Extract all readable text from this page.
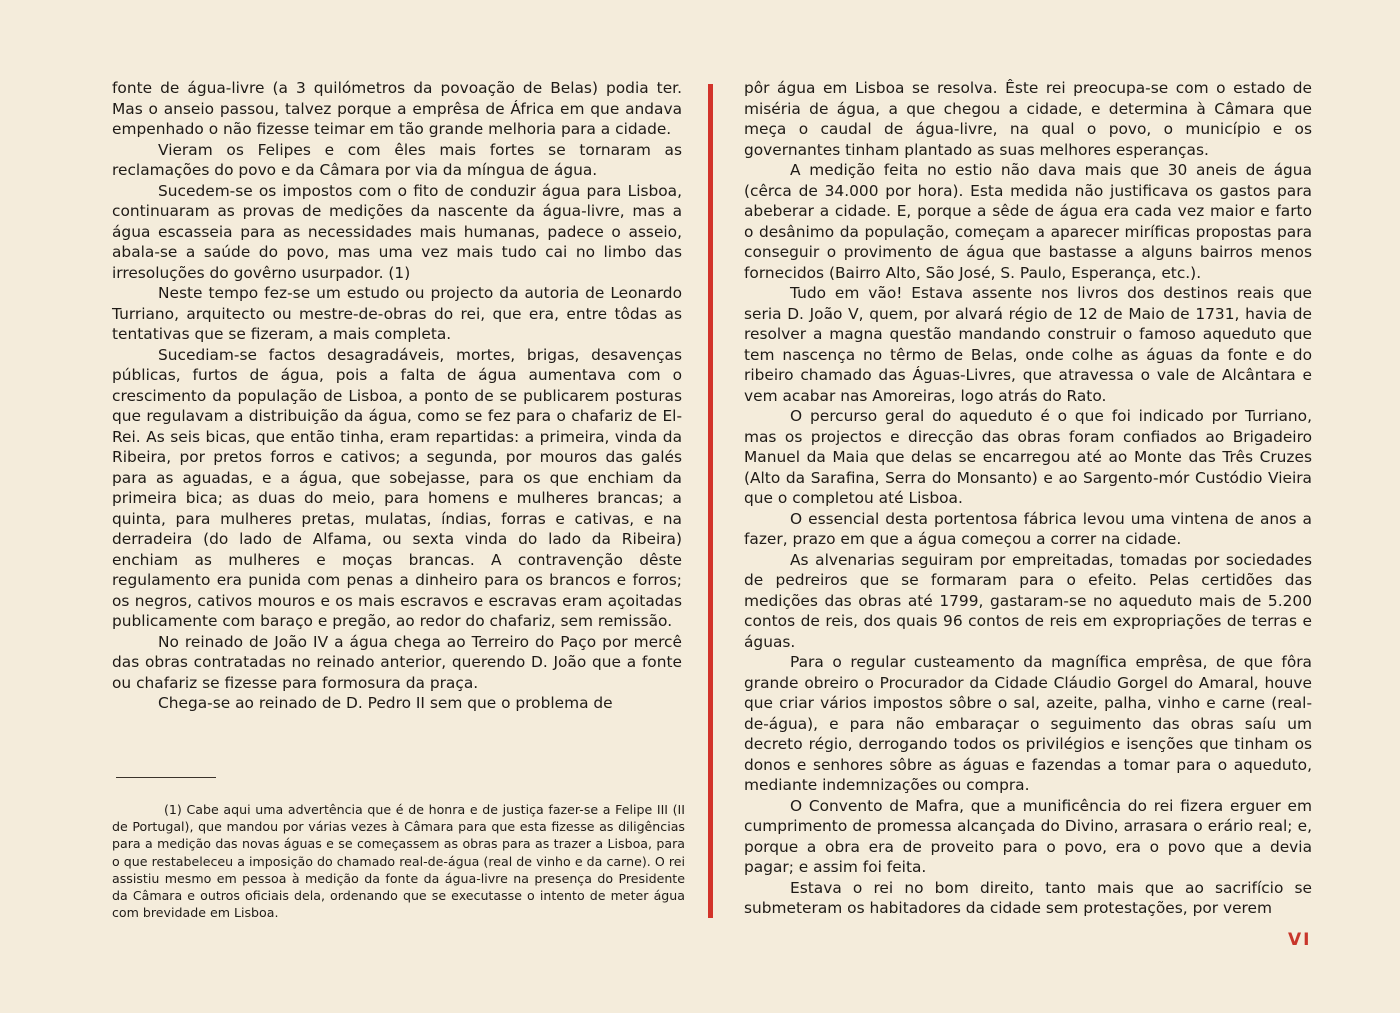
fonte de água-livre (a 3 quilómetros da povoação de Belas) podia ter. Mas o anseio passou, talvez porque a emprêsa de África em que andava empenhado o não fizesse teimar em tão grande melhoria para a cidade.

Vieram os Felipes e com êles mais fortes se tornaram as reclamações do povo e da Câmara por via da míngua de água.

Sucedem-se os impostos com o fito de conduzir água para Lisboa, continuaram as provas de medições da nascente da água-livre, mas a água escasseia para as necessidades mais humanas, padece o asseio, abala-se a saúde do povo, mas uma vez mais tudo cai no limbo das irresoluções do govêrno usurpador. (1)

Neste tempo fez-se um estudo ou projecto da autoria de Leonardo Turriano, arquitecto ou mestre-de-obras do rei, que era, entre tôdas as tentativas que se fizeram, a mais completa.

Sucediam-se factos desagradáveis, mortes, brigas, desavenças públicas, furtos de água, pois a falta de água aumentava com o crescimento da população de Lisboa, a ponto de se publicarem posturas que regulavam a distribuição da água, como se fez para o chafariz de El-Rei. As seis bicas, que então tinha, eram repartidas: a primeira, vinda da Ribeira, por pretos forros e cativos; a segunda, por mouros das galés para as aguadas, e a água, que sobejasse, para os que enchiam da primeira bica; as duas do meio, para homens e mulheres brancas; a quinta, para mulheres pretas, mulatas, índias, forras e cativas, e na derradeira (do lado de Alfama, ou sexta vinda do lado da Ribeira) enchiam as mulheres e moças brancas. A contravenção dêste regulamento era punida com penas a dinheiro para os brancos e forros; os negros, cativos mouros e os mais escravos e escravas eram açoitadas publicamente com baraço e pregão, ao redor do chafariz, sem remissão.

No reinado de João IV a água chega ao Terreiro do Paço por mercê das obras contratadas no reinado anterior, querendo D. João que a fonte ou chafariz se fizesse para formosura da praça.

Chega-se ao reinado de D. Pedro II sem que o problema de

(1) Cabe aqui uma advertência que é de honra e de justiça fazer-se a Felipe III (II de Portugal), que mandou por várias vezes à Câmara para que esta fizesse as diligências para a medição das novas águas e se começassem as obras para as trazer a Lisboa, para o que restabeleceu a imposição do chamado real-de-água (real de vinho e da carne). O rei assistiu mesmo em pessoa à medição da fonte da água-livre na presença do Presidente da Câmara e outros oficiais dela, ordenando que se executasse o intento de meter água com brevidade em Lisboa.

pôr água em Lisboa se resolva. Êste rei preocupa-se com o estado de miséria de água, a que chegou a cidade, e determina à Câmara que meça o caudal de água-livre, na qual o povo, o município e os governantes tinham plantado as suas melhores esperanças.

A medição feita no estio não dava mais que 30 aneis de água (cêrca de 34.000 por hora). Esta medida não justificava os gastos para abeberar a cidade. E, porque a sêde de água era cada vez maior e farto o desânimo da população, começam a aparecer miríficas propostas para conseguir o provimento de água que bastasse a alguns bairros menos fornecidos (Bairro Alto, São José, S. Paulo, Esperança, etc.).

Tudo em vão! Estava assente nos livros dos destinos reais que seria D. João V, quem, por alvará régio de 12 de Maio de 1731, havia de resolver a magna questão mandando construir o famoso aqueduto que tem nascença no têrmo de Belas, onde colhe as águas da fonte e do ribeiro chamado das Águas-Livres, que atravessa o vale de Alcântara e vem acabar nas Amoreiras, logo atrás do Rato.

O percurso geral do aqueduto é o que foi indicado por Turriano, mas os projectos e direcção das obras foram confiados ao Brigadeiro Manuel da Maia que delas se encarregou até ao Monte das Três Cruzes (Alto da Sarafina, Serra do Monsanto) e ao Sargento-mór Custódio Vieira que o completou até Lisboa.

O essencial desta portentosa fábrica levou uma vintena de anos a fazer, prazo em que a água começou a correr na cidade.

As alvenarias seguiram por empreitadas, tomadas por sociedades de pedreiros que se formaram para o efeito. Pelas certidões das medições das obras até 1799, gastaram-se no aqueduto mais de 5.200 contos de reis, dos quais 96 contos de reis em expropriações de terras e águas.

Para o regular custeamento da magnífica emprêsa, de que fôra grande obreiro o Procurador da Cidade Cláudio Gorgel do Amaral, houve que criar vários impostos sôbre o sal, azeite, palha, vinho e carne (real-de-água), e para não embaraçar o seguimento das obras saíu um decreto régio, derrogando todos os privilégios e isenções que tinham os donos e senhores sôbre as águas e fazendas a tomar para o aqueduto, mediante indemnizações ou compra.

O Convento de Mafra, que a munificência do rei fizera erguer em cumprimento de promessa alcançada do Divino, arrasara o erário real; e, porque a obra era de proveito para o povo, era o povo que a devia pagar; e assim foi feita.

Estava o rei no bom direito, tanto mais que ao sacrifício se submeteram os habitadores da cidade sem protestações, por verem

VI
